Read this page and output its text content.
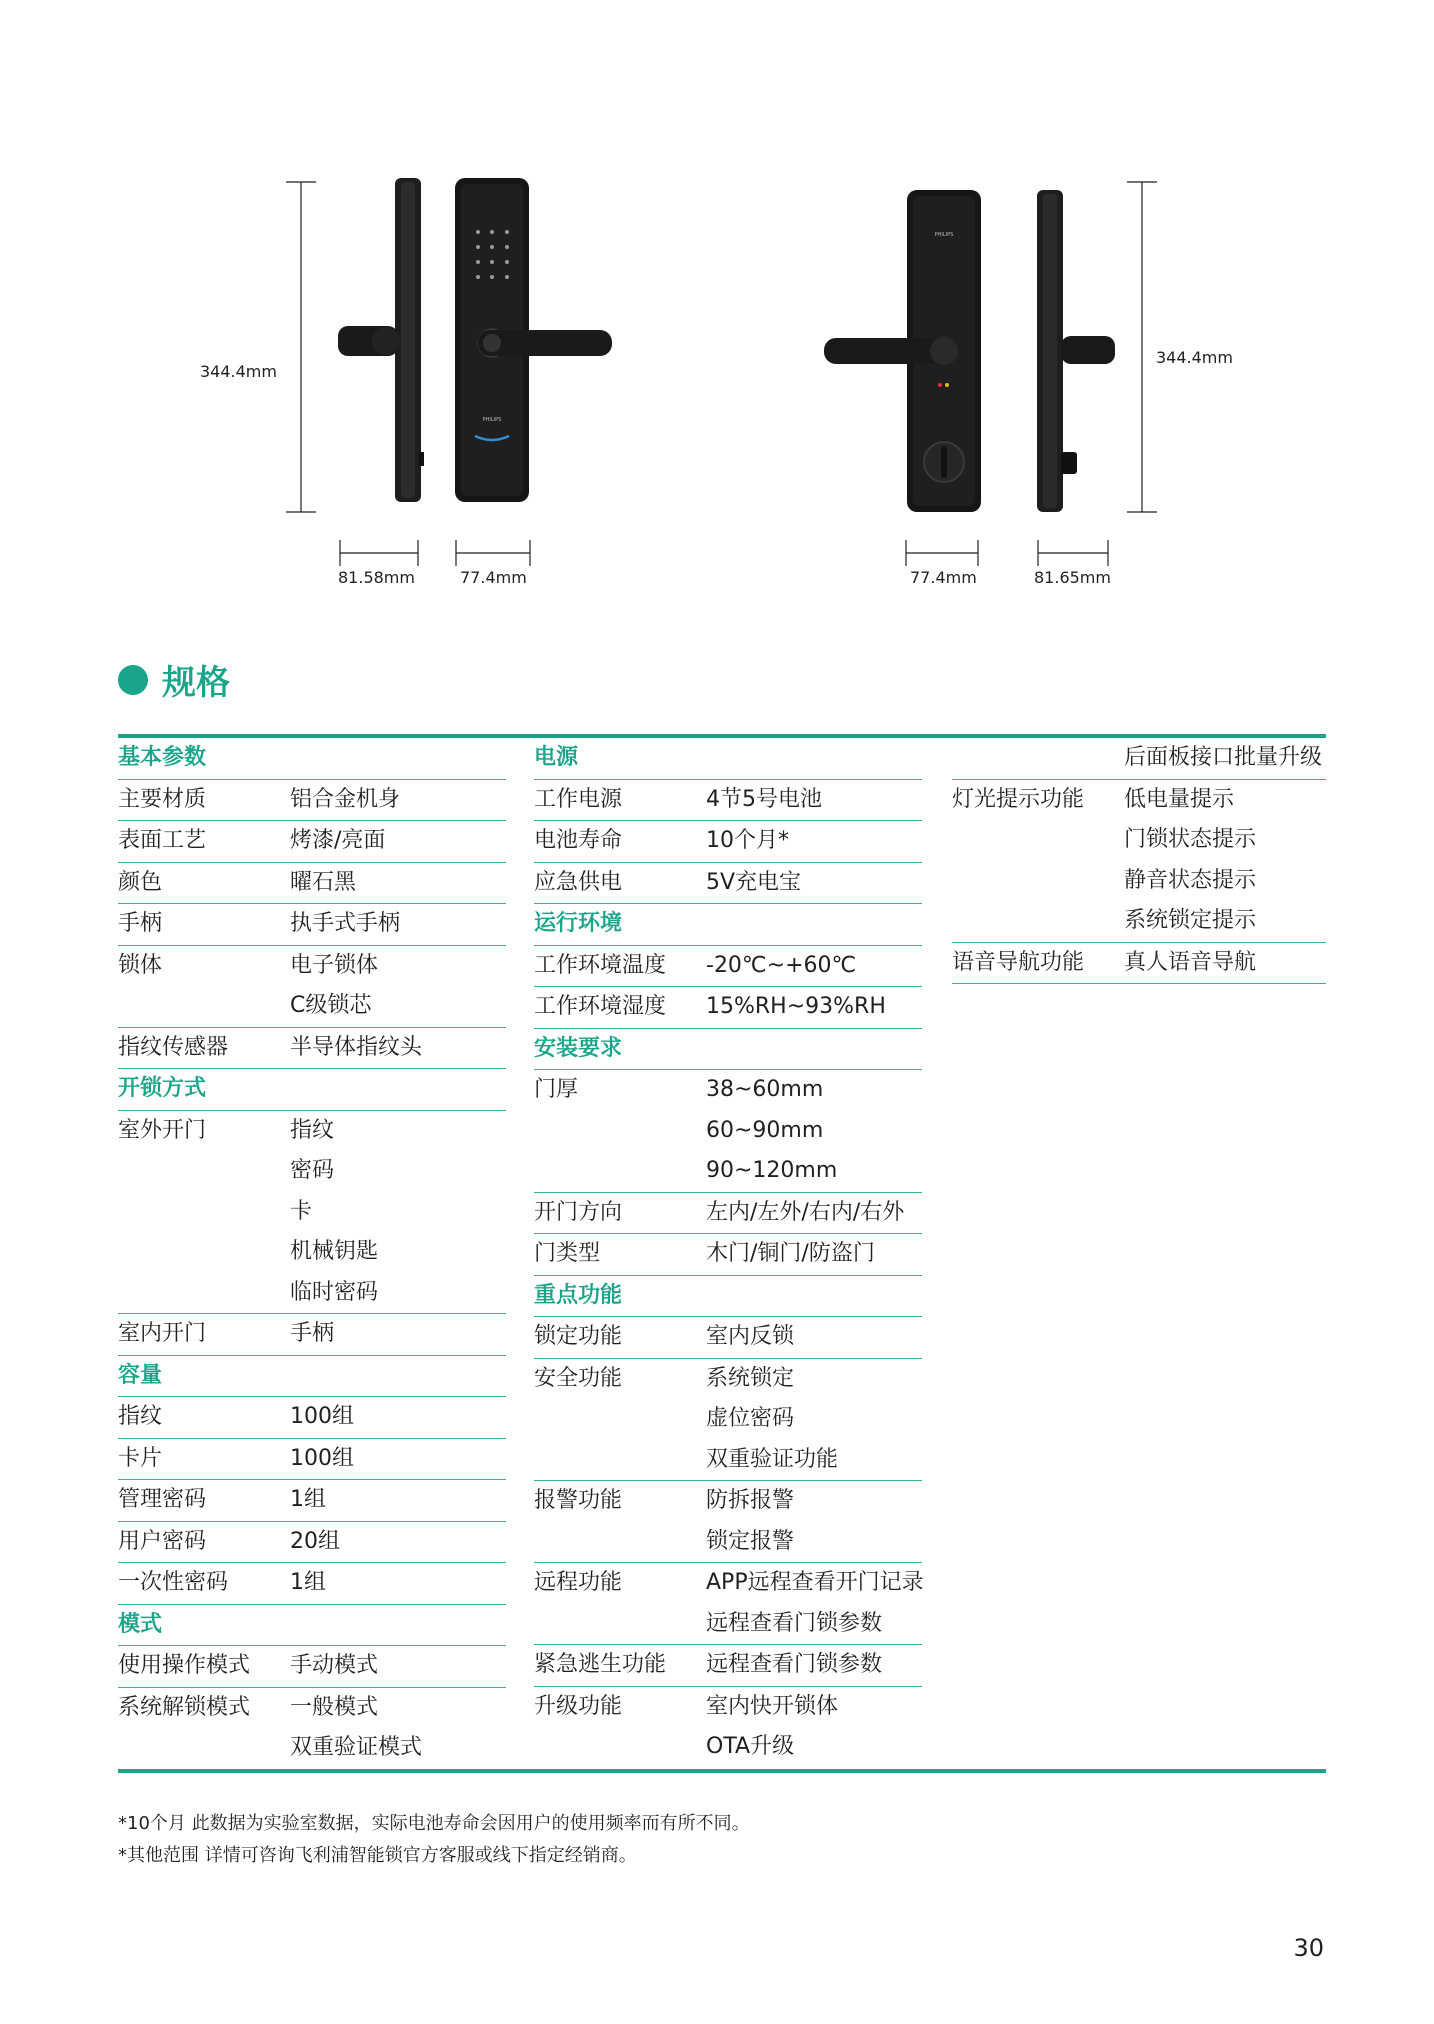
PHILIPS
PHILIPS
344.4mm
344.4mm
81.58mm	77.4mm	77.4mm	81.65mm
规格
基本参数
主要材质	铝合金机身
表面工艺	烤漆/亮面
颜色	曜石黑
手柄	执手式手柄
锁体	电子锁体
C级锁芯
指纹传感器	半导体指纹头
开锁方式
室外开门	指纹
密码
卡
机械钥匙
临时密码
室内开门	手柄
容量
指纹	100组
卡片	100组
管理密码	1组
用户密码	20组
一次性密码	1组
模式
使用操作模式 手动模式
系统解锁模式 一般模式
双重验证模式
电源
工作电源	4节5号电池
电池寿命	10个月*
应急供电	5V充电宝
运行环境
工作环境温度 -20℃~+60℃
工作环境湿度 15%RH~93%RH
安装要求
门厚	38~60mm
60~90mm
90~120mm
开门方向	左内/左外/右内/右外
门类型	木门/铜门/防盗门
重点功能
锁定功能	室内反锁
安全功能	系统锁定
虚位密码
双重验证功能
报警功能	防拆报警
锁定报警
远程功能	APP远程查看开门记录
远程查看门锁参数
紧急逃生功能 远程查看门锁参数
升级功能	室内快开锁体
OTA升级
后面板接口批量升级
灯光提示功能 低电量提示
门锁状态提示
静音状态提示
系统锁定提示
语音导航功能 真人语音导航
*10个月 此数据为实验室数据，实际电池寿命会因用户的使用频率而有所不同。
*其他范围 详情可咨询飞利浦智能锁官方客服或线下指定经销商。
30
